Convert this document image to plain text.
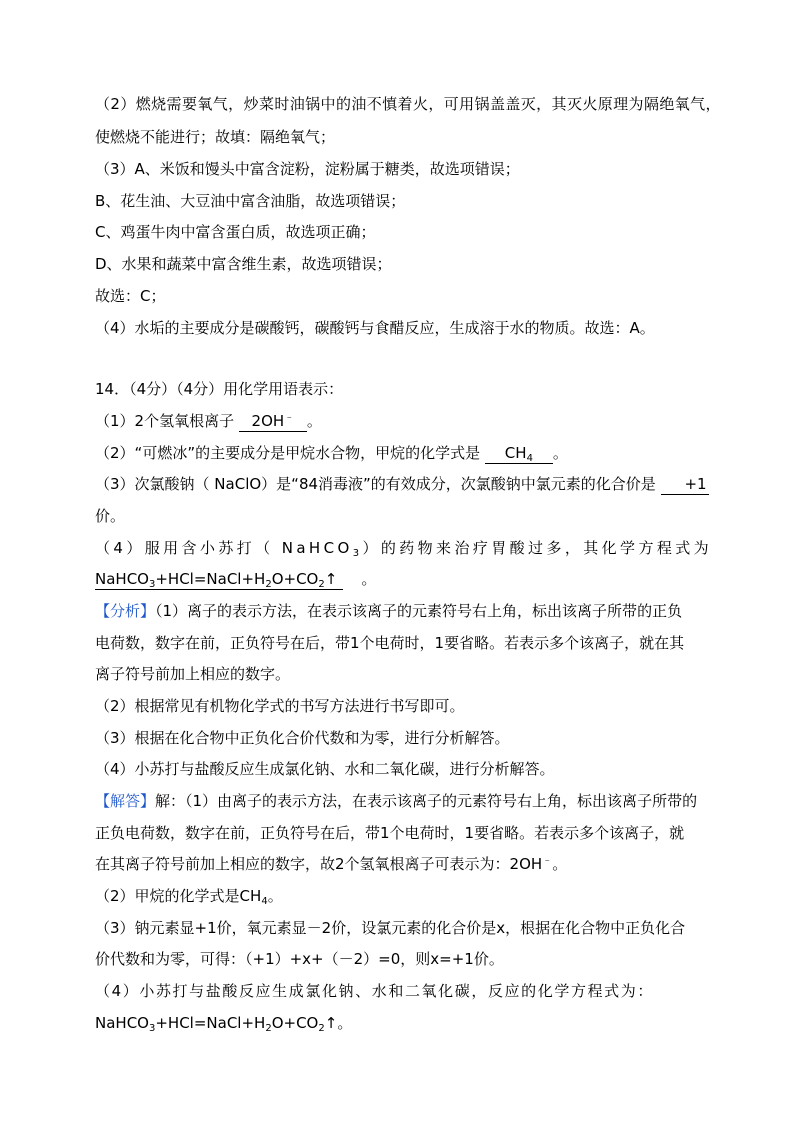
（2）燃烧需要氧气，炒菜时油锅中的油不慎着火，可用锅盖盖灭，其灭火原理为隔绝氧气，
使燃烧不能进行；故填：隔绝氧气；
（3）A、米饭和馒头中富含淀粉，淀粉属于糖类，故选项错误；
B、花生油、大豆油中富含油脂，故选项错误；
C、鸡蛋牛肉中富含蛋白质，故选项正确；
D、水果和蔬菜中富含维生素，故选项错误；
故选：C；
（4）水垢的主要成分是碳酸钙，碳酸钙与食醋反应，生成溶于水的物质。故选：A。
14．（4分）（4分）用化学用语表示：
（1）2个氢氧根离子 2OH﹣ 。
（2）“可燃冰”的主要成分是甲烷水合物，甲烷的化学式是 $CH_4$ 。
（3）次氯酸钠（ NaClO）是“84消毒液”的有效成分，次氯酸钠中氯元素的化合价是 +1
价。
（4）服用含小苏打（ NaHCO$_3$）的药物来治疗胃酸过多，其化学方程式为
$NaHCO_3+HCl=NaCl+H_2O+CO_2↑$ 。
【分析】（1）离子的表示方法，在表示该离子的元素符号右上角，标出该离子所带的正负
电荷数，数字在前，正负符号在后，带1个电荷时，1要省略。若表示多个该离子，就在其
离子符号前加上相应的数字。
（2）根据常见有机物化学式的书写方法进行书写即可。
（3）根据在化合物中正负化合价代数和为零，进行分析解答。
（4）小苏打与盐酸反应生成氯化钠、水和二氧化碳，进行分析解答。
【解答】解：（1）由离子的表示方法，在表示该离子的元素符号右上角，标出该离子所带的
正负电荷数，数字在前，正负符号在后，带1个电荷时，1要省略。若表示多个该离子，就
在其离子符号前加上相应的数字，故2个氢氧根离子可表示为：2OH﹣。
（2）甲烷的化学式是$CH_4$。
（3）钠元素显+1价，氧元素显－2价，设氯元素的化合价是x，根据在化合物中正负化合
价代数和为零，可得：（+1）+x+（－2）=0，则x=+1价。
（4）小苏打与盐酸反应生成氯化钠、水和二氧化碳，反应的化学方程式为：
$NaHCO_3+HCl=NaCl+H_2O+CO_2↑$。
